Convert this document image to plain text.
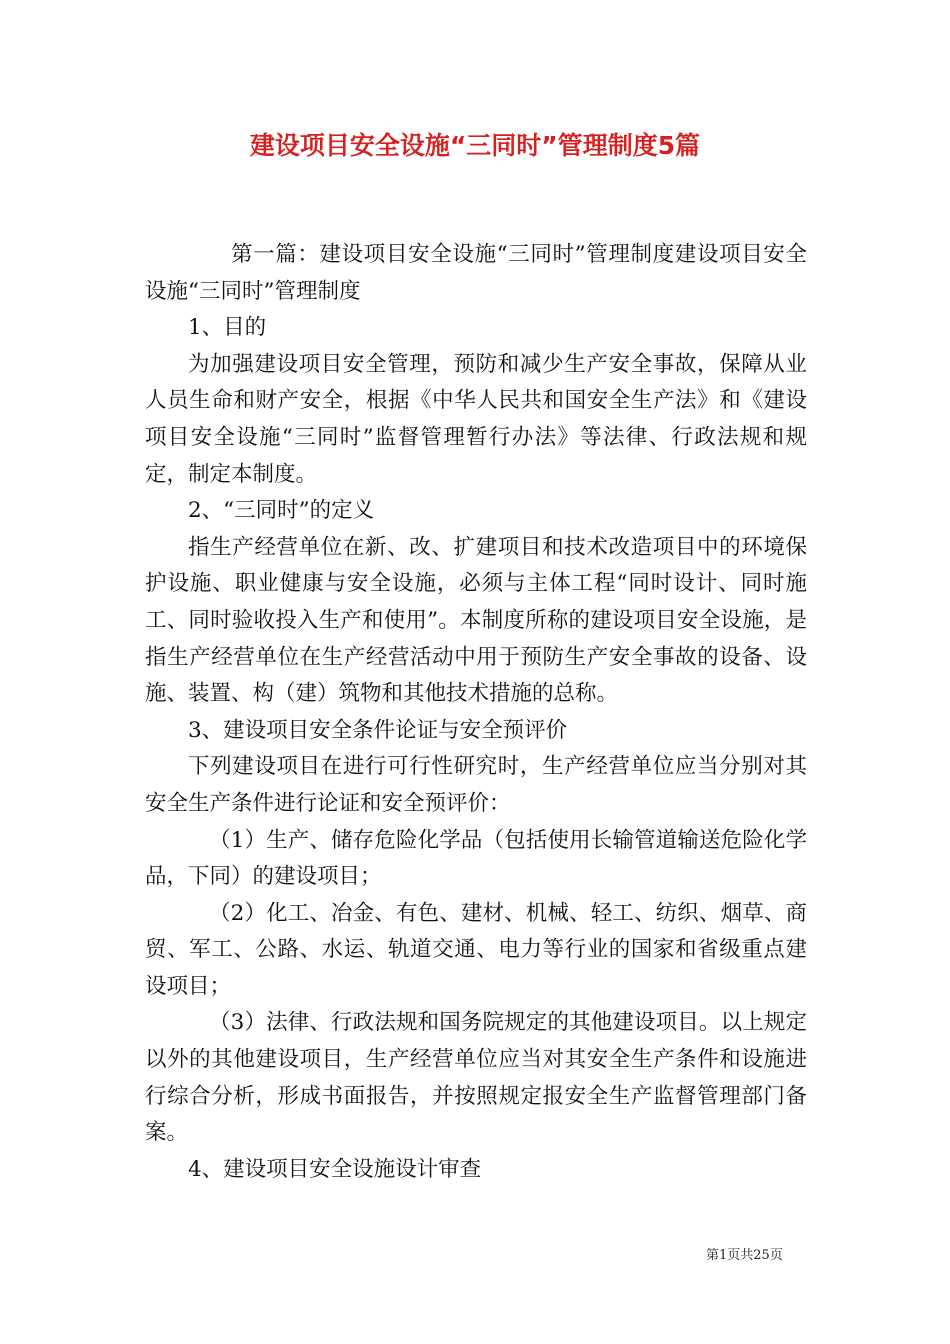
建设项目安全设施“三同时”管理制度5篇

第一篇：建设项目安全设施“三同时”管理制度建设项目安全设施“三同时”管理制度

1、目的

为加强建设项目安全管理，预防和减少生产安全事故，保障从业人员生命和财产安全，根据《中华人民共和国安全生产法》和《建设项目安全设施“三同时”监督管理暂行办法》等法律、行政法规和规定，制定本制度。

2、“三同时”的定义

指生产经营单位在新、改、扩建项目和技术改造项目中的环境保护设施、职业健康与安全设施，必须与主体工程“同时设计、同时施工、同时验收投入生产和使用”。本制度所称的建设项目安全设施，是指生产经营单位在生产经营活动中用于预防生产安全事故的设备、设施、装置、构（建）筑物和其他技术措施的总称。

3、建设项目安全条件论证与安全预评价

下列建设项目在进行可行性研究时，生产经营单位应当分别对其安全生产条件进行论证和安全预评价：

（1）生产、储存危险化学品（包括使用长输管道输送危险化学品，下同）的建设项目；

（2）化工、冶金、有色、建材、机械、轻工、纺织、烟草、商贸、军工、公路、水运、轨道交通、电力等行业的国家和省级重点建设项目；

（3）法律、行政法规和国务院规定的其他建设项目。以上规定以外的其他建设项目，生产经营单位应当对其安全生产条件和设施进行综合分析，形成书面报告，并按照规定报安全生产监督管理部门备案。

4、建设项目安全设施设计审查

第1页共25页
